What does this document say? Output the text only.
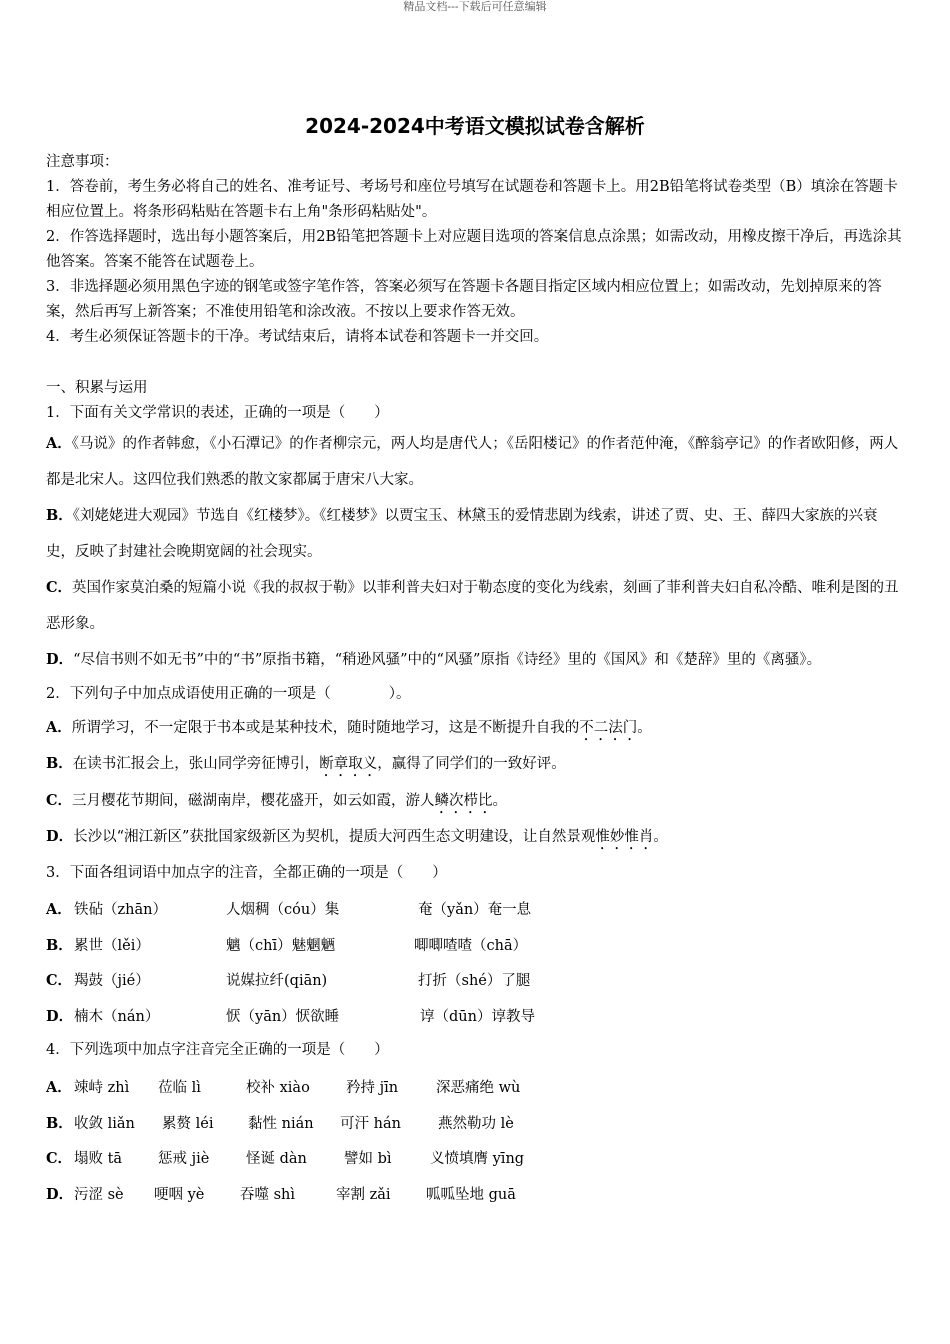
精品文档---下载后可任意编辑
2024-2024中考语文模拟试卷含解析

注意事项：

1．答卷前，考生务必将自己的姓名、准考证号、考场号和座位号填写在试题卷和答题卡上。用2B铅笔将试卷类型（B）填涂在答题卡相应位置上。将条形码粘贴在答题卡右上角"条形码粘贴处"。

2．作答选择题时，选出每小题答案后，用2B铅笔把答题卡上对应题目选项的答案信息点涂黑；如需改动，用橡皮擦干净后，再选涂其他答案。答案不能答在试题卷上。

3．非选择题必须用黑色字迹的钢笔或签字笔作答，答案必须写在答题卡各题目指定区域内相应位置上；如需改动，先划掉原来的答案，然后再写上新答案；不准使用铅笔和涂改液。不按以上要求作答无效。

4．考生必须保证答题卡的干净。考试结束后，请将本试卷和答题卡一并交回。

一、积累与运用

1．下面有关文学常识的表述，正确的一项是（　　）

A．《马说》的作者韩愈，《小石潭记》的作者柳宗元，两人均是唐代人；《岳阳楼记》的作者范仲淹，《醉翁亭记》的作者欧阳修，两人都是北宋人。这四位我们熟悉的散文家都属于唐宋八大家。

B．《刘姥姥进大观园》节选自《红楼梦》。《红楼梦》以贾宝玉、林黛玉的爱情悲剧为线索，讲述了贾、史、王、薛四大家族的兴衰史，反映了封建社会晚期宽阔的社会现实。

C．英国作家莫泊桑的短篇小说《我的叔叔于勒》以菲利普夫妇对于勒态度的变化为线索，刻画了菲利普夫妇自私冷酷、唯利是图的丑恶形象。

D．“尽信书则不如无书”中的“书”原指书籍，“稍逊风骚”中的“风骚”原指《诗经》里的《国风》和《楚辞》里的《离骚》。

2．下列句子中加点成语使用正确的一项是（　　　　）。

A．所谓学习，不一定限于书本或是某种技术，随时随地学习，这是不断提升自我的不二法门。

B．在读书汇报会上，张山同学旁征博引，断章取义，赢得了同学们的一致好评。

C．三月樱花节期间，磁湖南岸，樱花盛开，如云如霞，游人鳞次栉比。

D．长沙以“湘江新区”获批国家级新区为契机，提质大河西生态文明建设，让自然景观惟妙惟肖。

3．下面各组词语中加点字的注音，全都正确的一项是（　　）

A． 铁砧（zhān）	人烟稠（cóu）集	奄（yǎn）奄一息
B． 累世（lěi）	魑（chī）魅魍魉	唧唧喳喳（chā）
C． 羯鼓（jié）	说媒拉纤(qiān)	打折（shé）了腿
D． 楠木（nán）	恹（yān）恹欲睡	谆（dūn）谆教导

4．下列选项中加点字注音完全正确的一项是（　　）

A． 竦峙 zhì	莅临 lì	校补 xiào	矜持 jīn	深恶痛绝 wù
B． 收敛 liǎn	累赘 léi	黏性 nián	可汗 hán	燕然勒功 lè
C． 塌败 tā	惩戒 jiè	怪诞 dàn	譬如 bì	义愤填膺 yīng
D． 污涩 sè	哽咽 yè	吞噬 shì	宰割 zǎi	呱呱坠地 guā
